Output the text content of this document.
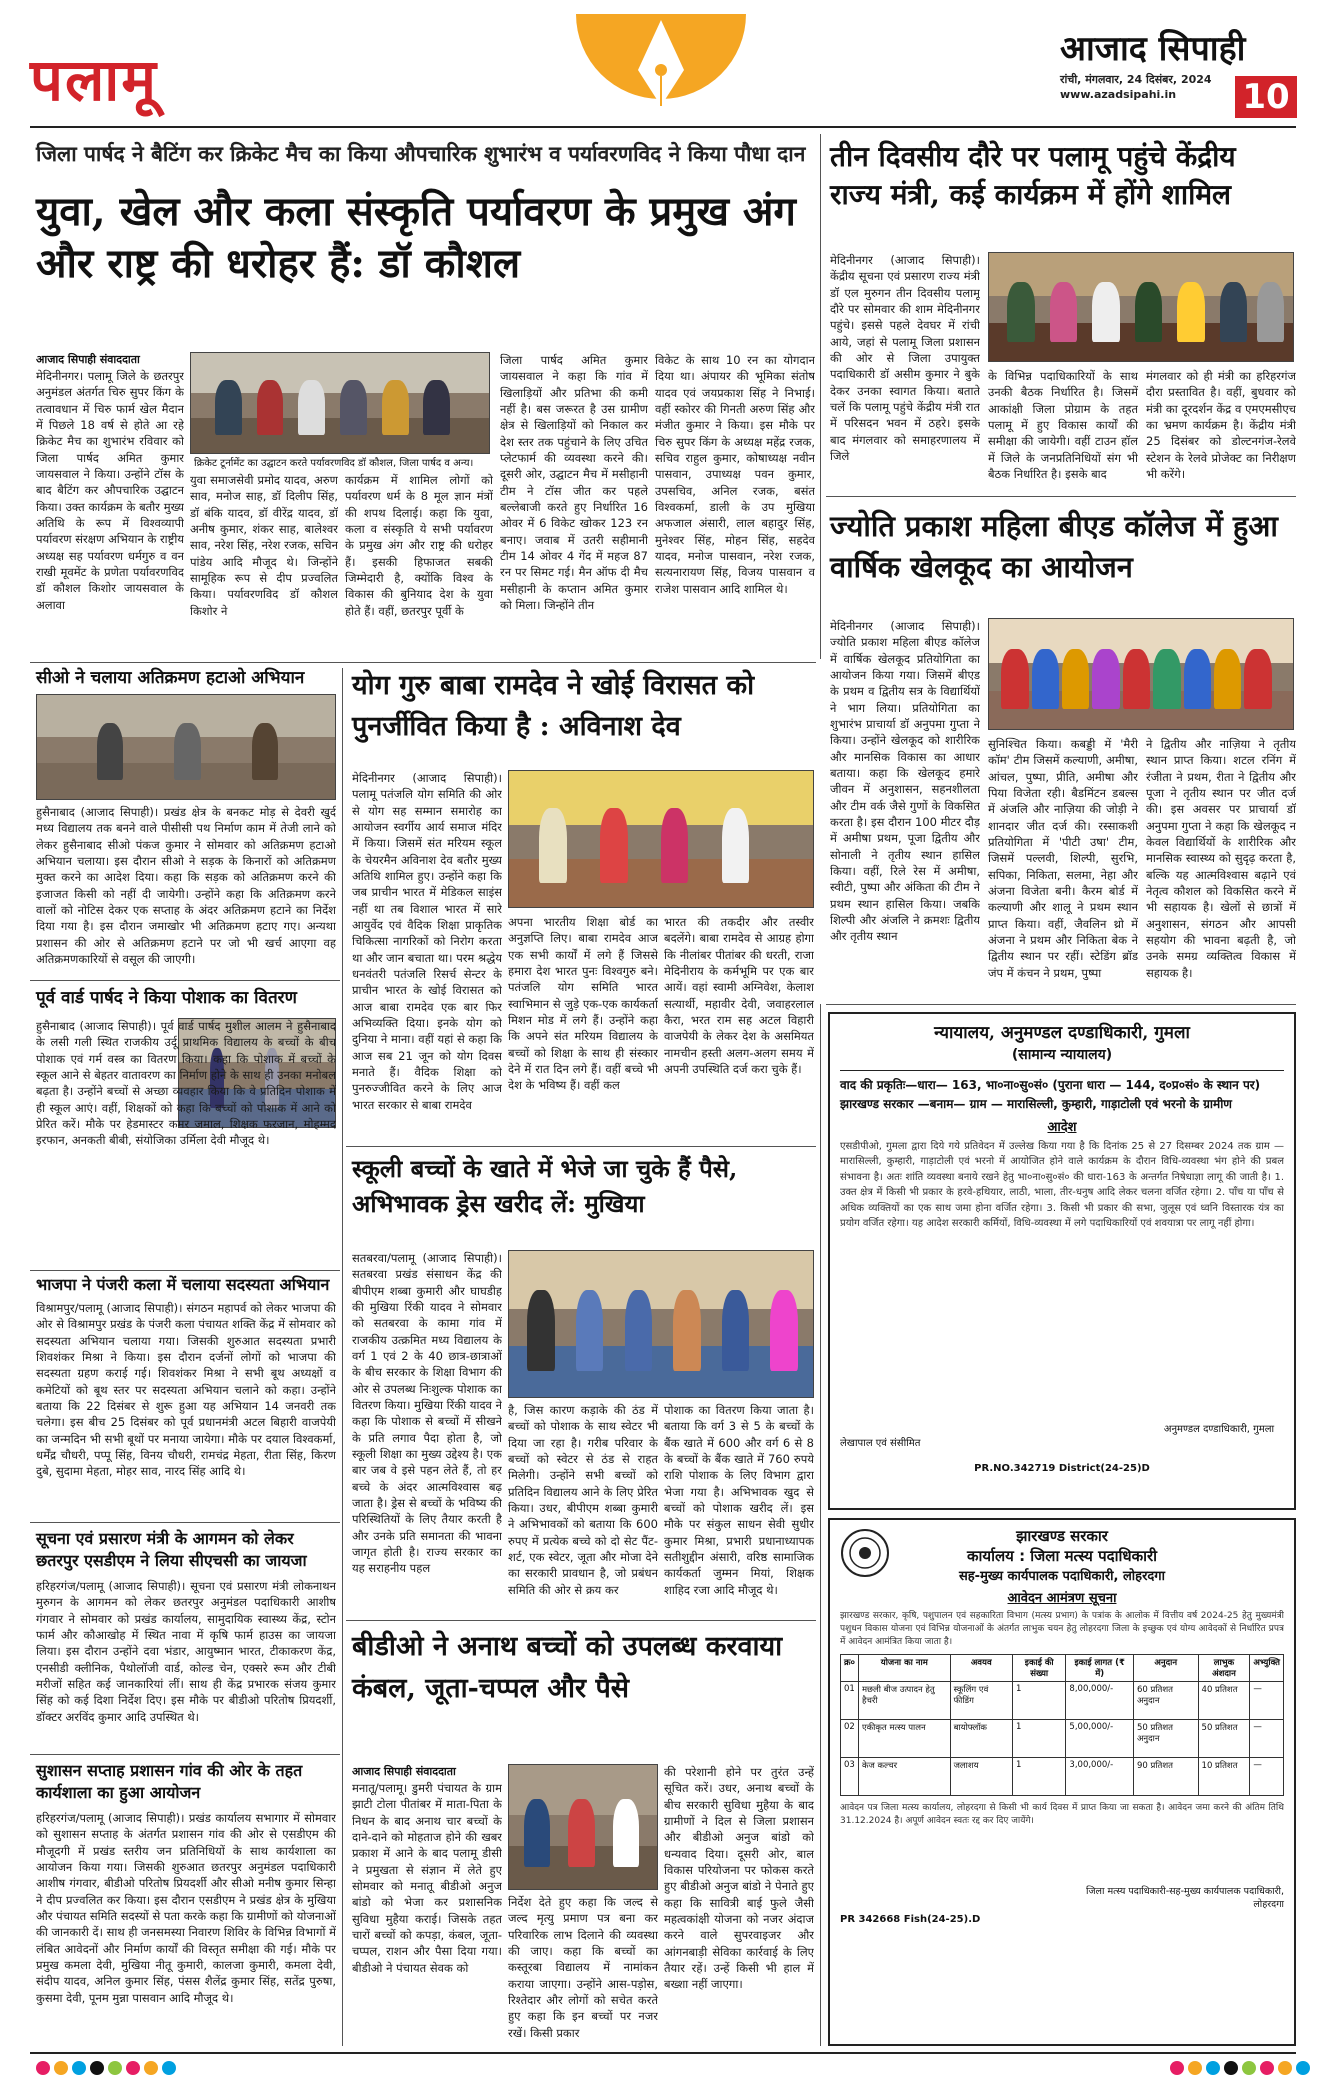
पलामू	आजाद सिपाही
रांची, मंगलवार, 24 दिसंबर, 2024
www.azadsipahi.in 10
जिला पार्षद ने बैटिंग कर क्रिकेट मैच का किया औपचारिक शुभारंभ व पर्यावरणविद ने किया पौधा दान
युवा, खेल और कला संस्कृति पर्यावरण के प्रमुख अंग और राष्ट्र की धरोहर हैं: डॉ कौशल
आजाद सिपाही संवाददाता
क्रिकेट टूर्नामेंट का उद्घाटन करते पर्यावरणविद डॉ कौशल, जिला पार्षद व अन्य।
मेदिनीनगर। पलामू जिले के छतरपुर अनुमंडल अंतर्गत चिरु सुपर किंग के तत्वावधान में चिरु फार्म खेल मैदान में पिछले 18 वर्ष से होते आ रहे क्रिकेट मैच का शुभारंभ रविवार को जिला पार्षद अमित कुमार जायसवाल ने किया। उन्होंने टॉस के बाद बैटिंग कर औपचारिक उद्घाटन किया। उक्त कार्यक्रम के बतौर मुख्य अतिथि के रूप में विश्वव्यापी पर्यावरण संरक्षण अभियान के राष्ट्रीय अध्यक्ष सह पर्यावरण धर्मगुरु व वन राखी मूवमेंट के प्रणेता पर्यावरणविद डॉ कौशल किशोर जायसवाल के अलावा
युवा समाजसेवी प्रमोद यादव, अरुण साव, मनोज साह, डॉ दिलीप सिंह, डॉ बंकि यादव, डॉ वीरेंद्र यादव, डॉ अनीष कुमार, शंकर साह, बालेश्वर साव, नरेश सिंह, नरेश रजक, सचिन पांडेय आदि मौजूद थे। जिन्होंने सामूहिक रूप से दीप प्रज्वलित किया। पर्यावरणविद डॉ कौशल किशोर ने
कार्यक्रम में शामिल लोगों को पर्यावरण धर्म के 8 मूल ज्ञान मंत्रों की शपथ दिलाई। कहा कि युवा, कला व संस्कृति ये सभी पर्यावरण के प्रमुख अंग और राष्ट्र की धरोहर हैं। इसकी हिफाजत सबकी जिम्मेदारी है, क्योंकि विश्व के विकास की बुनियाद देश के युवा होते हैं। वहीं, छतरपुर पूर्वी के
जिला पार्षद अमित कुमार जायसवाल ने कहा कि गांव में खिलाड़ियों और प्रतिभा की कमी नहीं है। बस जरूरत है उस ग्रामीण क्षेत्र से खिलाड़ियों को निकाल कर देश स्तर तक पहुंचाने के लिए उचित प्लेटफार्म की व्यवस्था करने की। दूसरी ओर, उद्घाटन मैच में मसीहानी टीम ने टॉस जीत कर पहले बल्लेबाजी करते हुए निर्धारित 16 ओवर में 6 विकेट खोकर 123 रन बनाए। जवाब में उतरी सहीमानी टीम 14 ओवर 4 गेंद में महज 87 रन पर सिमट गई। मैन ऑफ दी मैच मसीहानी के कप्तान अमित कुमार को मिला। जिन्होंने तीन
विकेट के साथ 10 रन का योगदान दिया था। अंपायर की भूमिका संतोष यादव एवं जयप्रकाश सिंह ने निभाई। वहीं स्कोरर की गिनती अरुण सिंह और मंजीत कुमार ने किया। इस मौके पर चिरु सुपर किंग के अध्यक्ष महेंद्र रजक, सचिव राहुल कुमार, कोषाध्यक्ष नवीन पासवान, उपाध्यक्ष पवन कुमार, उपसचिव, अनिल रजक, बसंत विश्वकर्मा, डाली के उप मुखिया अफजाल अंसारी, लाल बहादुर सिंह, मुनेश्वर सिंह, मोहन सिंह, सहदेव यादव, मनोज पासवान, नरेश रजक, सत्यनारायण सिंह, विजय पासवान व राजेश पासवान आदि शामिल थे।
तीन दिवसीय दौरे पर पलामू पहुंचे केंद्रीय राज्य मंत्री, कई कार्यक्रम में होंगे शामिल
मेदिनीनगर (आजाद सिपाही)। केंद्रीय सूचना एवं प्रसारण राज्य मंत्री डॉ एल मुरुगन तीन दिवसीय पलामू दौरे पर सोमवार की शाम मेदिनीनगर पहुंचे। इससे पहले देवघर में रांची आये, जहां से पलामू जिला प्रशासन की ओर से जिला उपायुक्त पदाधिकारी डॉ असीम कुमार ने बुके देकर उनका स्वागत किया। बताते चलें कि पलामू पहुंचे केंद्रीय मंत्री रात में परिसदन भवन में ठहरे। इसके बाद मंगलवार को समाहरणालय में जिले
के विभिन्न पदाधिकारियों के साथ उनकी बैठक निर्धारित है। जिसमें आकांक्षी जिला प्रोग्राम के तहत पलामू में हुए विकास कार्यों की समीक्षा की जायेगी। वहीं टाउन हॉल में जिले के जनप्रतिनिधियों संग भी बैठक निर्धारित है। इसके बाद
मंगलवार को ही मंत्री का हरिहरगंज दौरा प्रस्तावित है। वहीं, बुधवार को मंत्री का दूरदर्शन केंद्र व एमएमसीएच का भ्रमण कार्यक्रम है। केंद्रीय मंत्री 25 दिसंबर को डोल्टनगंज-रेलवे स्टेशन के रेलवे प्रोजेक्ट का निरीक्षण भी करेंगे।
ज्योति प्रकाश महिला बीएड कॉलेज में हुआ वार्षिक खेलकूद का आयोजन
मेदिनीनगर (आजाद सिपाही)। ज्योति प्रकाश महिला बीएड कॉलेज में वार्षिक खेलकूद प्रतियोगिता का आयोजन किया गया। जिसमें बीएड के प्रथम व द्वितीय सत्र के विद्यार्थियों ने भाग लिया। प्रतियोगिता का शुभारंभ प्राचार्या डॉ अनुपमा गुप्ता ने किया। उन्होंने खेलकूद को शारीरिक और मानसिक विकास का आधार बताया। कहा कि खेलकूद हमारे जीवन में अनुशासन, सहनशीलता और टीम वर्क जैसे गुणों के विकसित करता है। इस दौरान 100 मीटर दौड़ में अमीषा प्रथम, पूजा द्वितीय और सोनाली ने तृतीय स्थान हासिल किया। वहीं, रिले रेस में अमीषा, स्वीटी, पुष्पा और अंकिता की टीम ने प्रथम स्थान हासिल किया। जबकि शिल्पी और अंजलि ने क्रमशः द्वितीय और तृतीय स्थान
सुनिश्चित किया। कबड्डी में 'मैरी कॉम' टीम जिसमें कल्याणी, अमीषा, आंचल, पुष्पा, प्रीति, अमीषा और पिया विजेता रही। बैडमिंटन डबल्स में अंजलि और नाज़िया की जोड़ी ने शानदार जीत दर्ज की। रस्साकशी प्रतियोगिता में 'पीटी उषा' टीम, जिसमें पल्लवी, शिल्पी, सुरभि, सपिका, निकिता, सलमा, नेहा और अंजना विजेता बनी। कैरम बोर्ड में कल्याणी और शालू ने प्रथम स्थान प्राप्त किया। वहीं, जैवलिन थ्रो में अंजना ने प्रथम और निकिता बेक ने द्वितीय स्थान पर रहीं। स्टेडिंग ब्रॉड जंप में कंचन ने प्रथम, पुष्पा
ने द्वितीय और नाज़िया ने तृतीय स्थान प्राप्त किया। शटल रनिंग में रंजीता ने प्रथम, रीता ने द्वितीय और पूजा ने तृतीय स्थान पर जीत दर्ज की। इस अवसर पर प्राचार्या डॉ अनुपमा गुप्ता ने कहा कि खेलकूद न केवल विद्यार्थियों के शारीरिक और मानसिक स्वास्थ्य को सुदृढ़ करता है, बल्कि यह आत्मविश्वास बढ़ाने एवं नेतृत्व कौशल को विकसित करने में भी सहायक है। खेलों से छात्रों में अनुशासन, संगठन और आपसी सहयोग की भावना बढ़ती है, जो उनके समग्र व्यक्तित्व विकास में सहायक है।
सीओ ने चलाया अतिक्रमण हटाओ अभियान
हुसैनाबाद (आजाद सिपाही)। प्रखंड क्षेत्र के बनकट मोड़ से देवरी खुर्द मध्य विद्यालय तक बनने वाले पीसीसी पथ निर्माण काम में तेजी लाने को लेकर हुसैनाबाद सीओ पंकज कुमार ने सोमवार को अतिक्रमण हटाओ अभियान चलाया। इस दौरान सीओ ने सड़क के किनारों को अतिक्रमण मुक्त करने का आदेश दिया। कहा कि सड़क को अतिक्रमण करने की इजाजत किसी को नहीं दी जायेगी। उन्होंने कहा कि अतिक्रमण करने वालों को नोटिस देकर एक सप्ताह के अंदर अतिक्रमण हटाने का निर्देश दिया गया है। इस दौरान जमाखोर भी अतिक्रमण हटाए गए। अन्यथा प्रशासन की ओर से अतिक्रमण हटाने पर जो भी खर्च आएगा वह अतिक्रमणकारियों से वसूल की जाएगी।
पूर्व वार्ड पार्षद ने किया पोशाक का वितरण
हुसैनाबाद (आजाद सिपाही)। पूर्व वार्ड पार्षद मुशील आलम ने हुसैनाबाद के लसी गली स्थित राजकीय उर्दू प्राथमिक विद्यालय के बच्चों के बीच पोशाक एवं गर्म वस्त्र का वितरण किया। कहा कि पोशाक में बच्चों के स्कूल आने से बेहतर वातावरण का निर्माण होने के साथ ही उनका मनोबल बढ़ता है। उन्होंने बच्चों से अच्छा व्यवहार किया कि वे प्रतिदिन पोशाक में ही स्कूल आएं। वहीं, शिक्षकों को कहा कि बच्चों को पोशाक में आने को प्रेरित करें। मौके पर हेडमास्टर कमर जमाल, शिक्षक फरजान, मोहम्मद इरफान, अनकती बीबी, संयोजिका उर्मिला देवी मौजूद थे।
भाजपा ने पंजरी कला में चलाया सदस्यता अभियान
विश्रामपुर/पलामू (आजाद सिपाही)। संगठन महापर्व को लेकर भाजपा की ओर से विश्रामपुर प्रखंड के पंजरी कला पंचायत शक्ति केंद्र में सोमवार को सदस्यता अभियान चलाया गया। जिसकी शुरुआत सदस्यता प्रभारी शिवशंकर मिश्रा ने किया। इस दौरान दर्जनों लोगों को भाजपा की सदस्यता ग्रहण कराई गई। शिवशंकर मिश्रा ने सभी बूथ अध्यक्षों व कमेटियों को बूथ स्तर पर सदस्यता अभियान चलाने को कहा। उन्होंने बताया कि 22 दिसंबर से शुरू हुआ यह अभियान 14 जनवरी तक चलेगा। इस बीच 25 दिसंबर को पूर्व प्रधानमंत्री अटल बिहारी वाजपेयी का जन्मदिन भी सभी बूथों पर मनाया जायेगा। मौके पर दयाल विश्वकर्मा, धर्मेंद्र चौधरी, पप्पू सिंह, विनय चौधरी, रामचंद्र मेहता, रीता सिंह, किरण दुबे, सुदामा मेहता, मोहर साव, नारद सिंह आदि थे।
सूचना एवं प्रसारण मंत्री के आगमन को लेकर छतरपुर एसडीएम ने लिया सीएचसी का जायजा
हरिहरगंज/पलामू (आजाद सिपाही)। सूचना एवं प्रसारण मंत्री लोकनाथन मुरुगन के आगमन को लेकर छतरपुर अनुमंडल पदाधिकारी आशीष गंगवार ने सोमवार को प्रखंड कार्यालय, सामुदायिक स्वास्थ्य केंद्र, स्टोन फार्म और कौआखोह में स्थित नावा में कृषि फार्म हाउस का जायजा लिया। इस दौरान उन्होंने दवा भंडार, आयुष्मान भारत, टीकाकरण केंद्र, एनसीडी क्लीनिक, पैथोलॉजी वार्ड, कोल्ड चेन, एक्सरे रूम और टीबी मरीजों सहित कई जानकारियां लीं। साथ ही केंद्र प्रभारक संजय कुमार सिंह को कई दिशा निर्देश दिए। इस मौके पर बीडीओ परितोष प्रियदर्शी, डॉक्टर अरविंद कुमार आदि उपस्थित थे।
सुशासन सप्ताह प्रशासन गांव की ओर के तहत कार्यशाला का हुआ आयोजन
हरिहरगंज/पलामू (आजाद सिपाही)। प्रखंड कार्यालय सभागार में सोमवार को सुशासन सप्ताह के अंतर्गत प्रशासन गांव की ओर से एसडीएम की मौजूदगी में प्रखंड स्तरीय जन प्रतिनिधियों के साथ कार्यशाला का आयोजन किया गया। जिसकी शुरुआत छतरपुर अनुमंडल पदाधिकारी आशीष गंगवार, बीडीओ परितोष प्रियदर्शी और सीओ मनीष कुमार सिन्हा ने दीप प्रज्वलित कर किया। इस दौरान एसडीएम ने प्रखंड क्षेत्र के मुखिया और पंचायत समिति सदस्यों से पता करके कहा कि ग्रामीणों को योजनाओं की जानकारी दें। साथ ही जनसमस्या निवारण शिविर के विभिन्न विभागों में लंबित आवेदनों और निर्माण कार्यों की विस्तृत समीक्षा की गई। मौके पर प्रमुख कमला देवी, मुखिया नीतू कुमारी, कालजा कुमारी, कमला देवी, संदीप यादव, अनिल कुमार सिंह, पंसस शैलेंद्र कुमार सिंह, सतेंद्र पुरुषा, कुसमा देवी, पूनम मुन्ना पासवान आदि मौजूद थे।
योग गुरु बाबा रामदेव ने खोई विरासत को पुनर्जीवित किया है : अविनाश देव
मेदिनीनगर (आजाद सिपाही)। पलामू पतंजलि योग समिति की ओर से योग सह सम्मान समारोह का आयोजन स्वर्गीय आर्य समाज मंदिर में किया। जिसमें संत मरियम स्कूल के चेयरमैन अविनाश देव बतौर मुख्य अतिथि शामिल हुए। उन्होंने कहा कि जब प्राचीन भारत में मेडिकल साइंस नहीं था तब विशाल भारत में सारे आयुर्वेद एवं वैदिक शिक्षा प्राकृतिक चिकित्सा नागरिकों को निरोग करता था और जान बचाता था। परम श्रद्धेय धनवंतरी पतंजलि रिसर्च सेन्टर के प्राचीन भारत के खोई विरासत को आज बाबा रामदेव एक बार फिर अभिव्यक्ति दिया। इनके योग को दुनिया ने माना। वहीं यहां से कहा कि आज सब 21 जून को योग दिवस मनाते हैं। वैदिक शिक्षा को पुनरुज्जीवित करने के लिए आज भारत सरकार से बाबा रामदेव
अपना भारतीय शिक्षा बोर्ड का अनुज्ञप्ति लिए। बाबा रामदेव आज एक सभी कार्यों में लगे हैं जिससे हमारा देश भारत पुनः विश्वगुरु बने। पतंजलि योग समिति भारत स्वाभिमान से जुड़े एक-एक कार्यकर्ता मिशन मोड में लगे हैं। उन्होंने कहा कि अपने संत मरियम विद्यालय के बच्चों को शिक्षा के साथ ही संस्कार देने में रात दिन लगे हैं। वहीं बच्चे भी देश के भविष्य हैं। वहीं कल
भारत की तकदीर और तस्वीर बदलेंगे। बाबा रामदेव से आग्रह होगा कि नीलांबर पीतांबर की धरती, राजा मेदिनीराय के कर्मभूमि पर एक बार आयें। वहां स्वामी अग्निवेश, केलाश सत्यार्थी, महावीर देवी, जवाहरलाल कैरा, भरत राम सह अटल विहारी वाजपेयी के लेकर देश के असमियत नामचीन हस्ती अलग-अलग समय में अपनी उपस्थिति दर्ज करा चुके हैं।
स्कूली बच्चों के खाते में भेजे जा चुके हैं पैसे, अभिभावक ड्रेस खरीद लें: मुखिया
सतबरवा/पलामू (आजाद सिपाही)। सतबरवा प्रखंड संसाधन केंद्र की बीपीएम शब्बा कुमारी और घाघडीह की मुखिया रिंकी यादव ने सोमवार को सतबरवा के कामा गांव में राजकीय उत्क्रमित मध्य विद्यालय के वर्ग 1 एवं 2 के 40 छात्र-छात्राओं के बीच सरकार के शिक्षा विभाग की ओर से उपलब्ध निःशुल्क पोशाक का वितरण किया। मुखिया रिंकी यादव ने कहा कि पोशाक से बच्चों में सीखने के प्रति लगाव पैदा होता है, जो स्कूली शिक्षा का मुख्य उद्देश्य है। एक बार जब वे इसे पहन लेते हैं, तो हर बच्चे के अंदर आत्मविश्वास बढ़ जाता है। ड्रेस से बच्चों के भविष्य की परिस्थितियों के लिए तैयार करती है और उनके प्रति समानता की भावना जागृत होती है। राज्य सरकार का यह सराहनीय पहल
है, जिस कारण कड़ाके की ठंड में बच्चों को पोशाक के साथ स्वेटर भी दिया जा रहा है। गरीब परिवार के बच्चों को स्वेटर से ठंड से राहत मिलेगी। उन्होंने सभी बच्चों को प्रतिदिन विद्यालय आने के लिए प्रेरित किया। उधर, बीपीएम शब्बा कुमारी ने अभिभावकों को बताया कि 600 रुपए में प्रत्येक बच्चे को दो सेट पैंट-शर्ट, एक स्वेटर, जूता और मोजा देने का सरकारी प्रावधान है, जो प्रबंधन समिति की ओर से क्रय कर
पोशाक का वितरण किया जाता है। बताया कि वर्ग 3 से 5 के बच्चों के बैंक खाते में 600 और वर्ग 6 से 8 के बच्चों के बैंक खाते में 760 रुपये राशि पोशाक के लिए विभाग द्वारा भेजा गया है। अभिभावक खुद से बच्चों को पोशाक खरीद लें। इस मौके पर संकुल साधन सेवी सुधीर कुमार मिश्रा, प्रभारी प्रधानाध्यापक सतीशुद्दीन अंसारी, वरिष्ठ सामाजिक कार्यकर्ता जुम्मन मियां, शिक्षक शाहिद रजा आदि मौजूद थे।
बीडीओ ने अनाथ बच्चों को उपलब्ध करवाया कंबल, जूता-चप्पल और पैसे
आजाद सिपाही संवाददाता
मनातू/पलामू। डुमरी पंचायत के ग्राम झाटी टोला पीतांबर में माता-पिता के निधन के बाद अनाथ चार बच्चों के दाने-दाने को मोहताज होने की खबर प्रकाश में आने के बाद पलामू डीसी ने प्रमुखता से संज्ञान में लेते हुए सोमवार को मनातू बीडीओ अनुज बांडो को भेजा कर प्रशासनिक सुविधा मुहैया कराई। जिसके तहत चारों बच्चों को कपड़ा, कंबल, जूता-चप्पल, राशन और पैसा दिया गया। बीडीओ ने पंचायत सेवक को
निर्देश देते हुए कहा कि जल्द से जल्द मृत्यु प्रमाण पत्र बना कर परिवारिक लाभ दिलाने की व्यवस्था की जाए। कहा कि बच्चों का कस्तूरबा विद्यालय में नामांकन कराया जाएगा। उन्होंने आस-पड़ोस, रिश्तेदार और लोगों को सचेत करते हुए कहा कि इन बच्चों पर नजर रखें। किसी प्रकार
की परेशानी होने पर तुरंत उन्हें सूचित करें। उधर, अनाथ बच्चों के बीच सरकारी सुविधा मुहैया के बाद ग्रामीणों ने दिल से जिला प्रशासन और बीडीओ अनुज बांडो को धन्यवाद दिया। दूसरी ओर, बाल विकास परियोजना पर फोकस करते हुए बीडीओ अनुज बांडो ने पेनाते हुए कहा कि सावित्री बाई फुले जैसी महत्वकांक्षी योजना को नजर अंदाज करने वाले सुपरवाइजर और आंगनबाड़ी सेविका कार्रवाई के लिए तैयार रहें। उन्हें किसी भी हाल में बख्शा नहीं जाएगा।
न्यायालय, अनुमण्डल दण्डाधिकारी, गुमला
(सामान्य न्यायालय)
वाद की प्रकृतिः—धारा— 163, भा०ना०सु०सं० (पुराना धारा — 144, द०प्र०सं० के स्थान पर)
झारखण्ड सरकार —बनाम— ग्राम — मारासिल्ली, कुम्हारी, गाड़ाटोली एवं भरनो के ग्रामीण
आदेश
एसडीपीओ, गुमला द्वारा दिये गये प्रतिवेदन में उल्लेख किया गया है कि दिनांक 25 से 27 दिसम्बर 2024 तक ग्राम — मारासिल्ली, कुम्हारी, गाड़ाटोली एवं भरनो में आयोजित होने वाले कार्यक्रम के दौरान विधि-व्यवस्था भंग होने की प्रबल संभावना है। अतः शांति व्यवस्था बनाये रखने हेतु भा०ना०सु०सं० की धारा-163 के अन्तर्गत निषेधाज्ञा लागू की जाती है। 1. उक्त क्षेत्र में किसी भी प्रकार के हरवे-हथियार, लाठी, भाला, तीर-धनुष आदि लेकर चलना वर्जित रहेगा। 2. पाँच या पाँच से अधिक व्यक्तियों का एक साथ जमा होना वर्जित रहेगा। 3. किसी भी प्रकार की सभा, जुलूस एवं ध्वनि विस्तारक यंत्र का प्रयोग वर्जित रहेगा। यह आदेश सरकारी कर्मियों, विधि-व्यवस्था में लगे पदाधिकारियों एवं शवयात्रा पर लागू नहीं होगा।
लेखापाल एवं संसीमित
अनुमण्डल दण्डाधिकारी, गुमला
PR.NO.342719 District(24-25)D
झारखण्ड सरकार
कार्यालय : जिला मत्स्य पदाधिकारी
सह-मुख्य कार्यपालक पदाधिकारी, लोहरदगा
आवेदन आमंत्रण सूचना
झारखण्ड सरकार, कृषि, पशुपालन एवं सहकारिता विभाग (मत्स्य प्रभाग) के पत्रांक के आलोक में वित्तीय वर्ष 2024-25 हेतु मुख्यमंत्री पशुधन विकास योजना एवं विभिन्न योजनाओं के अंतर्गत लाभुक चयन हेतु लोहरदगा जिला के इच्छुक एवं योग्य आवेदकों से निर्धारित प्रपत्र में आवेदन आमंत्रित किया जाता है।
क्र०	योजना का नाम	अवयव	इकाई की संख्या	इकाई लागत (₹ में)	अनुदान	लाभुक अंशदान	अभ्युक्ति
01	मछली बीज उत्पादन हेतु हैचरी	स्कूलिंग एवं फीडिंग	1	8,00,000/-	60 प्रतिशत अनुदान	40 प्रतिशत	—
02	एकीकृत मत्स्य पालन	बायोफ्लॉक	1	5,00,000/-	50 प्रतिशत अनुदान	50 प्रतिशत	—
03	केज कल्चर	जलाशय	1	3,00,000/-	90 प्रतिशत	10 प्रतिशत	—
आवेदन पत्र जिला मत्स्य कार्यालय, लोहरदगा से किसी भी कार्य दिवस में प्राप्त किया जा सकता है। आवेदन जमा करने की अंतिम तिथि 31.12.2024 है। अपूर्ण आवेदन स्वतः रद्द कर दिए जायेंगे।
जिला मत्स्य पदाधिकारी-सह-मुख्य कार्यपालक पदाधिकारी, लोहरदगा
PR 342668 Fish(24-25).D
